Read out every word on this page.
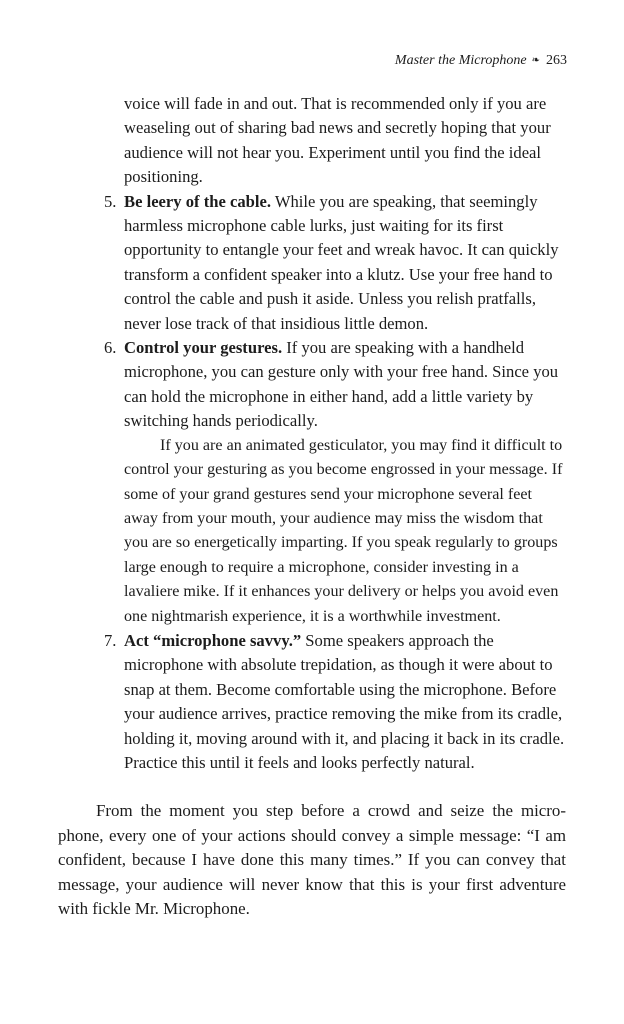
Master the Microphone ❧ 263

voice will fade in and out. That is recommended only if you are weaseling out of sharing bad news and secretly hoping that your audience will not hear you. Experiment until you find the ideal positioning.

5. Be leery of the cable. While you are speaking, that seemingly harmless microphone cable lurks, just waiting for its first opportunity to entangle your feet and wreak havoc. It can quickly transform a confident speaker into a klutz. Use your free hand to control the cable and push it aside. Unless you relish pratfalls, never lose track of that insidious little demon.

6. Control your gestures. If you are speaking with a handheld microphone, you can gesture only with your free hand. Since you can hold the microphone in either hand, add a little variety by switching hands periodically.

If you are an animated gesticulator, you may find it difficult to control your gesturing as you become engrossed in your message. If some of your grand gestures send your microphone several feet away from your mouth, your audience may miss the wisdom that you are so energetically imparting. If you speak regularly to groups large enough to require a microphone, consider investing in a lavaliere mike. If it enhances your delivery or helps you avoid even one nightmarish experience, it is a worthwhile investment.

7. Act “microphone savvy.” Some speakers approach the microphone with absolute trepidation, as though it were about to snap at them. Become comfortable using the microphone. Before your audience arrives, practice removing the mike from its cradle, holding it, moving around with it, and placing it back in its cradle. Practice this until it feels and looks perfectly natural.

From the moment you step before a crowd and seize the micro-phone, every one of your actions should convey a simple message: “I am confident, because I have done this many times.” If you can convey that message, your audience will never know that this is your first adventure with fickle Mr. Microphone.
